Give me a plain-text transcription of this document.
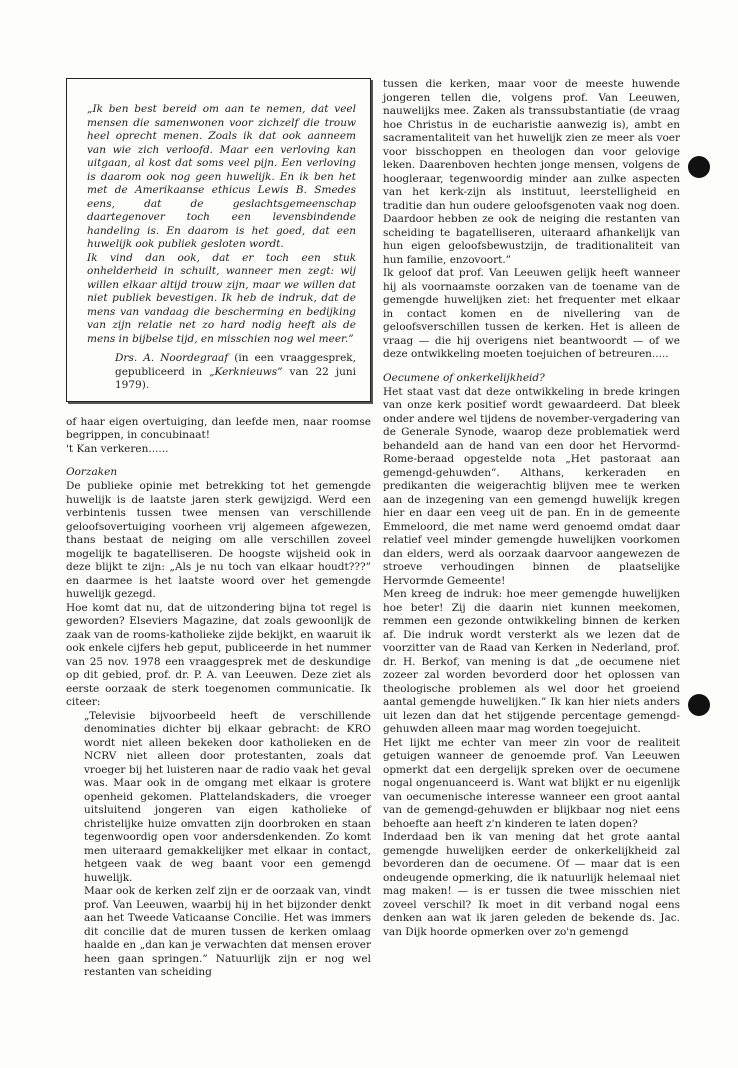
„Ik ben best bereid om aan te nemen, dat veel mensen die samenwonen voor zichzelf die trouw heel oprecht menen. Zoals ik dat ook aanneem van wie zich verloofd. Maar een verloving kan uitgaan, al kost dat soms veel pijn. Een verloving is daarom ook nog geen huwelijk. En ik ben het met de Amerikaanse ethicus Lewis B. Smedes eens, dat de geslachtsgemeenschap daartegenover toch een levensbindende handeling is. En daarom is het goed, dat een huwelijk ook publiek gesloten wordt.

Ik vind dan ook, dat er toch een stuk onhelderheid in schuilt, wanneer men zegt: wij willen elkaar altijd trouw zijn, maar we willen dat niet publiek bevestigen. Ik heb de indruk, dat de mens van vandaag die bescherming en bedijking van zijn relatie net zo hard nodig heeft als de mens in bijbelse tijd, en misschien nog wel meer.”

Drs. A. Noordegraaf (in een vraaggesprek, gepubliceerd in „Kerknieuws” van 22 juni 1979).

of haar eigen overtuiging, dan leefde men, naar roomse begrippen, in concubinaat!

't Kan verkeren......

Oorzaken

De publieke opinie met betrekking tot het gemengde huwelijk is de laatste jaren sterk gewijzigd. Werd een verbintenis tussen twee mensen van verschillende geloofsovertuiging voorheen vrij algemeen afgewezen, thans bestaat de neiging om alle verschillen zoveel mogelijk te bagatelliseren. De hoogste wijsheid ook in deze blijkt te zijn: „Als je nu toch van elkaar houdt???” en daarmee is het laatste woord over het gemengde huwelijk gezegd.

Hoe komt dat nu, dat de uitzondering bijna tot regel is geworden? Elseviers Magazine, dat zoals gewoonlijk de zaak van de rooms-katholieke zijde bekijkt, en waaruit ik ook enkele cijfers heb geput, publiceerde in het nummer van 25 nov. 1978 een vraaggesprek met de deskundige op dit gebied, prof. dr. P. A. van Leeuwen. Deze ziet als eerste oorzaak de sterk toegenomen communicatie. Ik citeer:

„Televisie bijvoorbeeld heeft de verschillende denominaties dichter bij elkaar gebracht: de KRO wordt niet alleen bekeken door katholieken en de NCRV niet alleen door protestanten, zoals dat vroeger bij het luisteren naar de radio vaak het geval was. Maar ook in de omgang met elkaar is grotere openheid gekomen. Plattelandskaders, die vroeger uitsluitend jongeren van eigen katholieke of christelijke huize omvatten zijn doorbroken en staan tegenwoordig open voor andersdenkenden. Zo komt men uiteraard gemakkelijker met elkaar in contact, hetgeen vaak de weg baant voor een gemengd huwelijk.

Maar ook de kerken zelf zijn er de oorzaak van, vindt prof. Van Leeuwen, waarbij hij in het bijzonder denkt aan het Tweede Vaticaanse Concilie. Het was immers dit concilie dat de muren tussen de kerken omlaag haalde en „dan kan je verwachten dat mensen erover heen gaan springen.” Natuurlijk zijn er nog wel restanten van scheiding

tussen die kerken, maar voor de meeste huwende jongeren tellen die, volgens prof. Van Leeuwen, nauwelijks mee. Zaken als transsubstantiatie (de vraag hoe Christus in de eucharistie aanwezig is), ambt en sacramentaliteit van het huwelijk zien ze meer als voer voor bisschoppen en theologen dan voor gelovige leken. Daarenboven hechten jonge mensen, volgens de hoogleraar, tegenwoordig minder aan zulke aspecten van het kerk-zijn als instituut, leerstelligheid en traditie dan hun oudere geloofsgenoten vaak nog doen. Daardoor hebben ze ook de neiging die restanten van scheiding te bagatelliseren, uiteraard afhankelijk van hun eigen geloofsbewustzijn, de traditionaliteit van hun familie, enzovoort.”

Ik geloof dat prof. Van Leeuwen gelijk heeft wanneer hij als voornaamste oorzaken van de toename van de gemengde huwelijken ziet: het frequenter met elkaar in contact komen en de nivellering van de geloofsverschillen tussen de kerken. Het is alleen de vraag — die hij overigens niet beantwoordt — of we deze ontwikkeling moeten toejuichen of betreuren.....

Oecumene of onkerkelijkheid?

Het staat vast dat deze ontwikkeling in brede kringen van onze kerk positief wordt gewaardeerd. Dat bleek onder andere wel tijdens de november-vergadering van de Generale Synode, waarop deze problematiek werd behandeld aan de hand van een door het Hervormd-Rome-beraad opgestelde nota „Het pastoraat aan gemengd-gehuwden”. Althans, kerkeraden en predikanten die weigerachtig blijven mee te werken aan de inzegening van een gemengd huwelijk kregen hier en daar een veeg uit de pan. En in de gemeente Emmeloord, die met name werd genoemd omdat daar relatief veel minder gemengde huwelijken voorkomen dan elders, werd als oorzaak daarvoor aangewezen de stroeve verhoudingen binnen de plaatselijke Hervormde Gemeente!

Men kreeg de indruk: hoe meer gemengde huwelijken hoe beter! Zij die daarin niet kunnen meekomen, remmen een gezonde ontwikkeling binnen de kerken af. Die indruk wordt versterkt als we lezen dat de voorzitter van de Raad van Kerken in Nederland, prof. dr. H. Berkof, van mening is dat „de oecumene niet zozeer zal worden bevorderd door het oplossen van theologische problemen als wel door het groeiend aantal gemengde huwelijken.” Ik kan hier niets anders uit lezen dan dat het stijgende percentage gemengd-gehuwden alleen maar mag worden toegejuicht.

Het lijkt me echter van meer zin voor de realiteit getuigen wanneer de genoemde prof. Van Leeuwen opmerkt dat een dergelijk spreken over de oecumene nogal ongenuanceerd is. Want wat blijkt er nu eigenlijk van oecumenische interesse wanneer een groot aantal van de gemengd-gehuwden er blijkbaar nog niet eens behoefte aan heeft z'n kinderen te laten dopen?

Inderdaad ben ik van mening dat het grote aantal gemengde huwelijken eerder de onkerkelijkheid zal bevorderen dan de oecumene. Of — maar dat is een ondeugende opmerking, die ik natuurlijk helemaal niet mag maken! — is er tussen die twee misschien niet zoveel verschil? Ik moet in dit verband nogal eens denken aan wat ik jaren geleden de bekende ds. Jac. van Dijk hoorde opmerken over zo'n gemengd
